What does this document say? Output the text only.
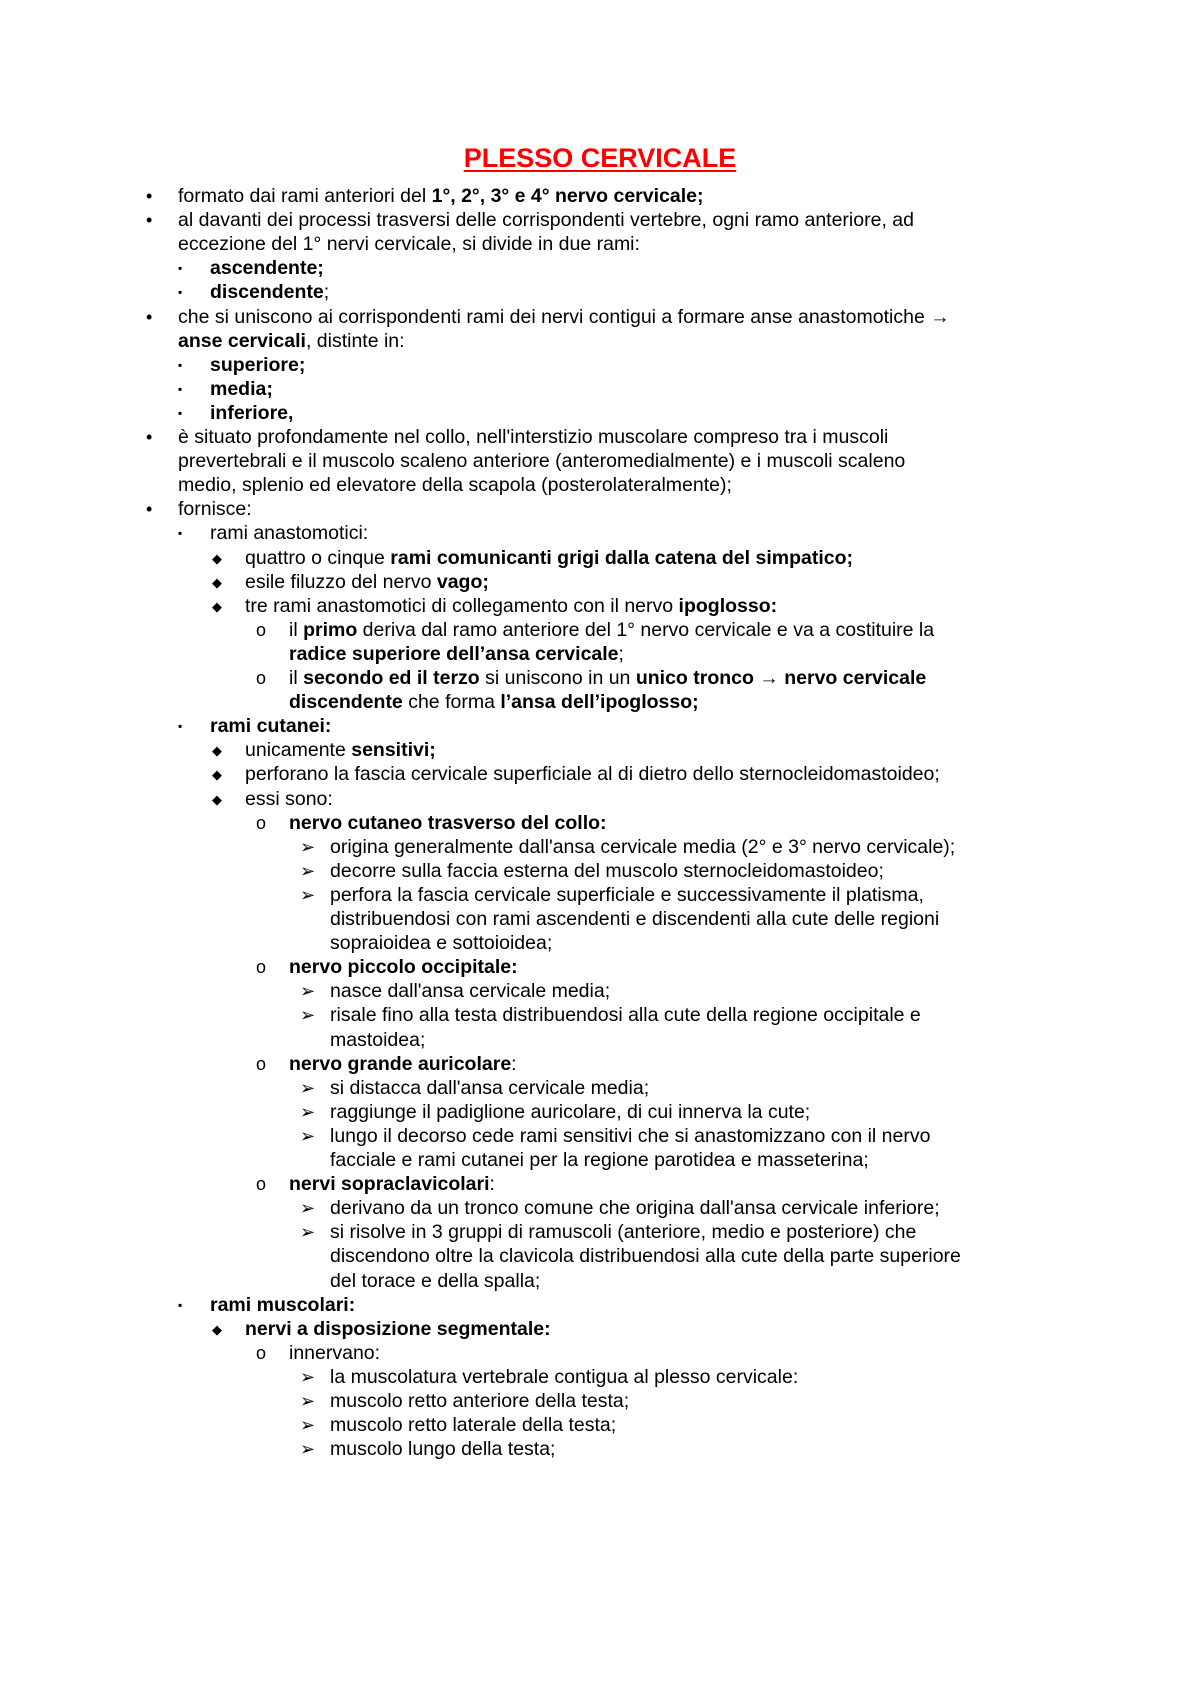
PLESSO CERVICALE
• formato dai rami anteriori del 1°, 2°, 3° e 4° nervo cervicale;
• al davanti dei processi trasversi delle corrispondenti vertebre, ogni ramo anteriore, ad
eccezione del 1° nervi cervicale, si divide in due rami:
▪ ascendente;
▪ discendente;
• che si uniscono ai corrispondenti rami dei nervi contigui a formare anse anastomotiche →
anse cervicali, distinte in:
▪ superiore;
▪ media;
▪ inferiore,
• è situato profondamente nel collo, nell'interstizio muscolare compreso tra i muscoli
prevertebrali e il muscolo scaleno anteriore (anteromedialmente) e i muscoli scaleno
medio, splenio ed elevatore della scapola (posterolateralmente);
• fornisce:
▪ rami anastomotici:
◆ quattro o cinque rami comunicanti grigi dalla catena del simpatico;
◆ esile filuzzo del nervo vago;
◆ tre rami anastomotici di collegamento con il nervo ipoglosso:
o il primo deriva dal ramo anteriore del 1° nervo cervicale e va a costituire la
radice superiore dell’ansa cervicale;
o il secondo ed il terzo si uniscono in un unico tronco → nervo cervicale
discendente che forma l’ansa dell’ipoglosso;
▪ rami cutanei:
◆ unicamente sensitivi;
◆ perforano la fascia cervicale superficiale al di dietro dello sternocleidomastoideo;
◆ essi sono:
o nervo cutaneo trasverso del collo:
➢ origina generalmente dall'ansa cervicale media (2° e 3° nervo cervicale);
➢ decorre sulla faccia esterna del muscolo sternocleidomastoideo;
➢ perfora la fascia cervicale superficiale e successivamente il platisma,
distribuendosi con rami ascendenti e discendenti alla cute delle regioni
sopraioidea e sottoioidea;
o nervo piccolo occipitale:
➢ nasce dall'ansa cervicale media;
➢ risale fino alla testa distribuendosi alla cute della regione occipitale e
mastoidea;
o nervo grande auricolare:
➢ si distacca dall'ansa cervicale media;
➢ raggiunge il padiglione auricolare, di cui innerva la cute;
➢ lungo il decorso cede rami sensitivi che si anastomizzano con il nervo
facciale e rami cutanei per la regione parotidea e masseterina;
o nervi sopraclavicolari:
➢ derivano da un tronco comune che origina dall'ansa cervicale inferiore;
➢ si risolve in 3 gruppi di ramuscoli (anteriore, medio e posteriore) che
discendono oltre la clavicola distribuendosi alla cute della parte superiore
del torace e della spalla;
▪ rami muscolari:
◆ nervi a disposizione segmentale:
o innervano:
➢ la muscolatura vertebrale contigua al plesso cervicale:
➢ muscolo retto anteriore della testa;
➢ muscolo retto laterale della testa;
➢ muscolo lungo della testa;
